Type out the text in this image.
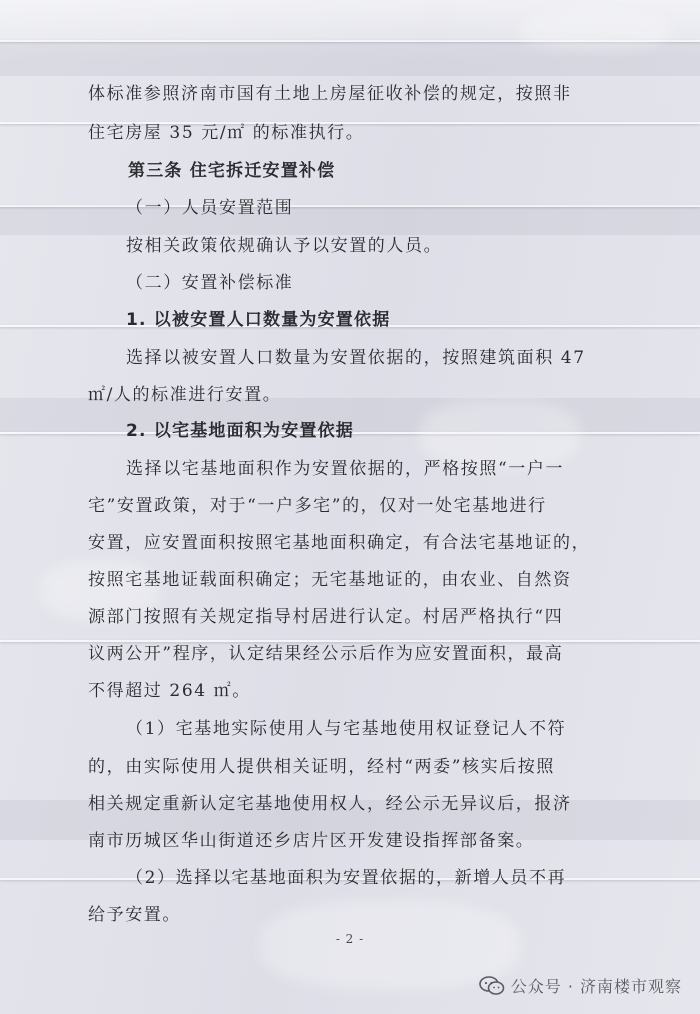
体标准参照济南市国有土地上房屋征收补偿的规定，按照非
住宅房屋 35 元/㎡ 的标准执行。
第三条 住宅拆迁安置补偿
（一）人员安置范围
按相关政策依规确认予以安置的人员。
（二）安置补偿标准
1. 以被安置人口数量为安置依据
选择以被安置人口数量为安置依据的，按照建筑面积 47
㎡/人的标准进行安置。
2. 以宅基地面积为安置依据
选择以宅基地面积作为安置依据的，严格按照“一户一
宅”安置政策，对于“一户多宅”的，仅对一处宅基地进行
安置，应安置面积按照宅基地面积确定，有合法宅基地证的，
按照宅基地证载面积确定；无宅基地证的，由农业、自然资
源部门按照有关规定指导村居进行认定。村居严格执行“四
议两公开”程序，认定结果经公示后作为应安置面积，最高
不得超过 264 ㎡。
（1）宅基地实际使用人与宅基地使用权证登记人不符
的，由实际使用人提供相关证明，经村“两委”核实后按照
相关规定重新认定宅基地使用权人，经公示无异议后，报济
南市历城区华山街道还乡店片区开发建设指挥部备案。
（2）选择以宅基地面积为安置依据的，新增人员不再
给予安置。
- 2 -
公众号 · 济南楼市观察
